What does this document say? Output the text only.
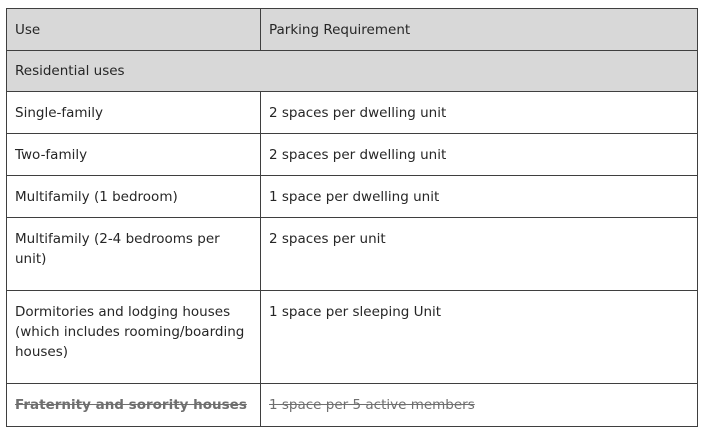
Use	Parking Requirement
Residential uses	
Single-family	2 spaces per dwelling unit
Two-family	2 spaces per dwelling unit
Multifamily (1 bedroom)	1 space per dwelling unit
Multifamily (2-4 bedrooms per unit)	2 spaces per unit
Dormitories and lodging houses (which includes rooming/boarding houses)	1 space per sleeping Unit
Fraternity and sorority houses	1 space per 5 active members
